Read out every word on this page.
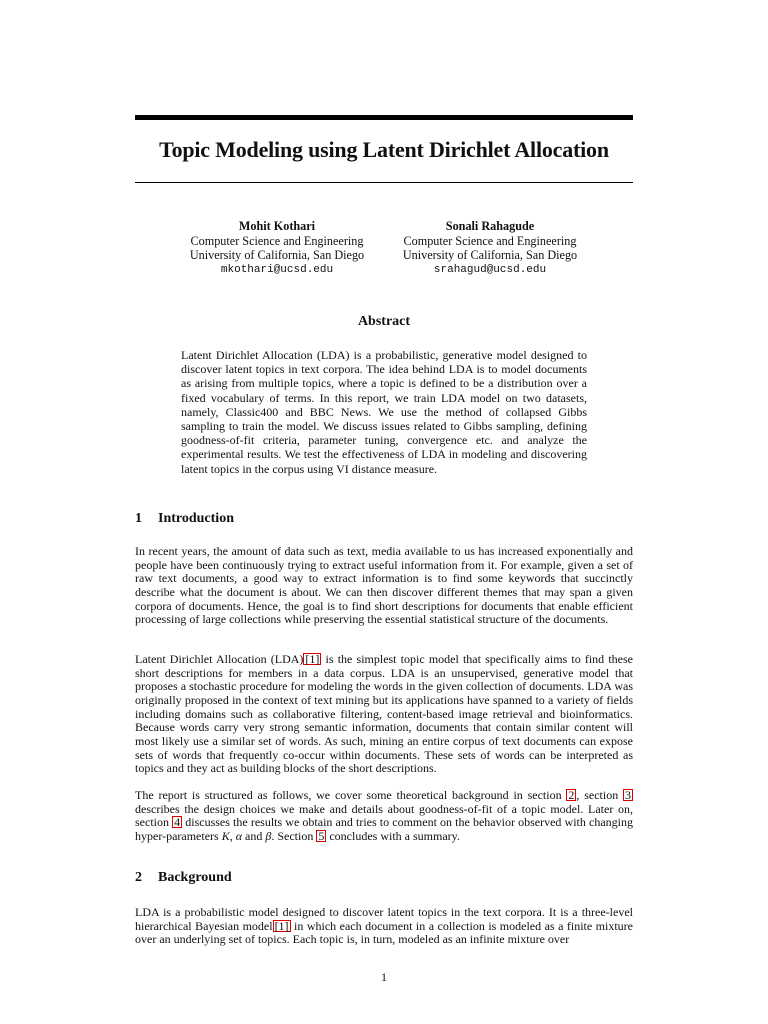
Topic Modeling using Latent Dirichlet Allocation
Mohit Kothari
Computer Science and Engineering
University of California, San Diego
mkothari@ucsd.edu
Sonali Rahagude
Computer Science and Engineering
University of California, San Diego
srahagud@ucsd.edu
Abstract
Latent Dirichlet Allocation (LDA) is a probabilistic, generative model designed to discover latent topics in text corpora. The idea behind LDA is to model documents as arising from multiple topics, where a topic is defined to be a distribution over a fixed vocabulary of terms. In this report, we train LDA model on two datasets, namely, Classic400 and BBC News. We use the method of collapsed Gibbs sampling to train the model. We discuss issues related to Gibbs sampling, defining goodness-of-fit criteria, parameter tuning, convergence etc. and analyze the experimental results. We test the effectiveness of LDA in modeling and discovering latent topics in the corpus using VI distance measure.
1 Introduction

In recent years, the amount of data such as text, media available to us has increased exponentially and people have been continuously trying to extract useful information from it. For example, given a set of raw text documents, a good way to extract information is to find some keywords that succinctly describe what the document is about. We can then discover different themes that may span a given corpora of documents. Hence, the goal is to find short descriptions for documents that enable efficient processing of large collections while preserving the essential statistical structure of the documents.

Latent Dirichlet Allocation (LDA) [1] is the simplest topic model that specifically aims to find these short descriptions for members in a data corpus. LDA is an unsupervised, generative model that proposes a stochastic procedure for modeling the words in the given collection of documents. LDA was originally proposed in the context of text mining but its applications have spanned to a variety of fields including domains such as collaborative filtering, content-based image retrieval and bioinformatics. Because words carry very strong semantic information, documents that contain similar content will most likely use a similar set of words. As such, mining an entire corpus of text documents can expose sets of words that frequently co-occur within documents. These sets of words can be interpreted as topics and they act as building blocks of the short descriptions.

The report is structured as follows, we cover some theoretical background in section 2 , section 3 describes the design choices we make and details about goodness-of-fit of a topic model. Later on, section 4 discusses the results we obtain and tries to comment on the behavior observed with changing hyper-parameters K, α and β. Section 5 concludes with a summary.

2 Background

LDA is a probabilistic model designed to discover latent topics in the text corpora. It is a three-level hierarchical Bayesian model [1] in which each document in a collection is modeled as a finite mixture over an underlying set of topics. Each topic is, in turn, modeled as an infinite mixture over

1
